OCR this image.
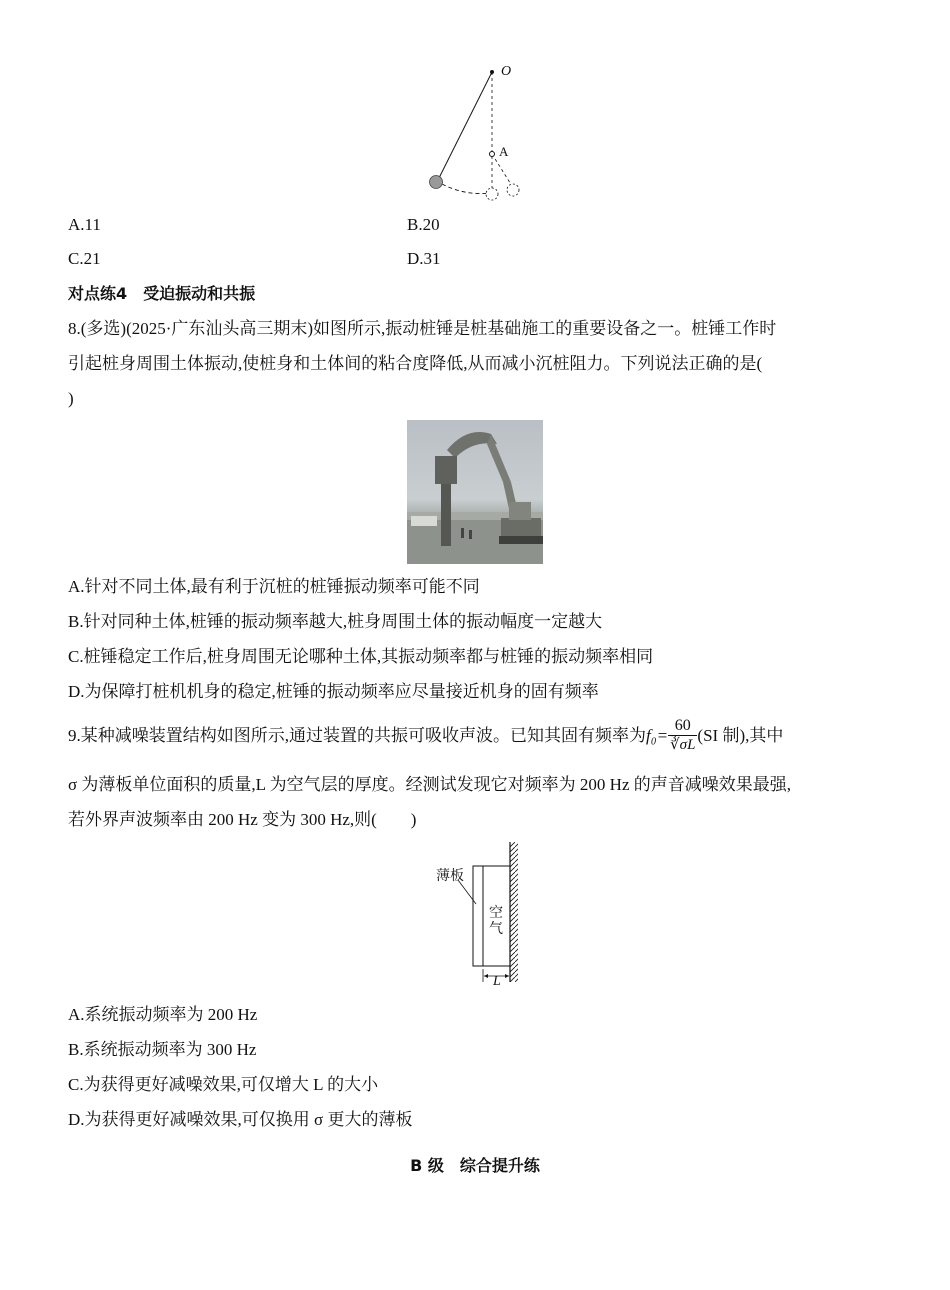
O
A
A.11	B.20
C.21	D.31
对点练4　受迫振动和共振
8.(多选)(2025·广东汕头高三期末)如图所示,振动桩锤是桩基础施工的重要设备之一。桩锤工作时
引起桩身周围土体振动,使桩身和土体间的粘合度降低,从而减小沉桩阻力。下列说法正确的是(
)
A.针对不同土体,最有利于沉桩的桩锤振动频率可能不同
B.针对同种土体,桩锤的振动频率越大,桩身周围土体的振动幅度一定越大
C.桩锤稳定工作后,桩身周围无论哪种土体,其振动频率都与桩锤的振动频率相同
D.为保障打桩机机身的稳定,桩锤的振动频率应尽量接近机身的固有频率
9.某种减噪装置结构如图所示,通过装置的共振可吸收声波。已知其固有频率为$f_0= \frac{60}{∛\sigma L} (SI$ 制),其中
σ 为薄板单位面积的质量,L 为空气层的厚度。经测试发现它对频率为 200 Hz 的声音减噪效果最强,
若外界声波频率由 200 Hz 变为 300 Hz,则(　　)
薄板
空
气
L
A.系统振动频率为 200 Hz
B.系统振动频率为 300 Hz
C.为获得更好减噪效果,可仅增大 L 的大小
D.为获得更好减噪效果,可仅换用 σ 更大的薄板
B 级　综合提升练
